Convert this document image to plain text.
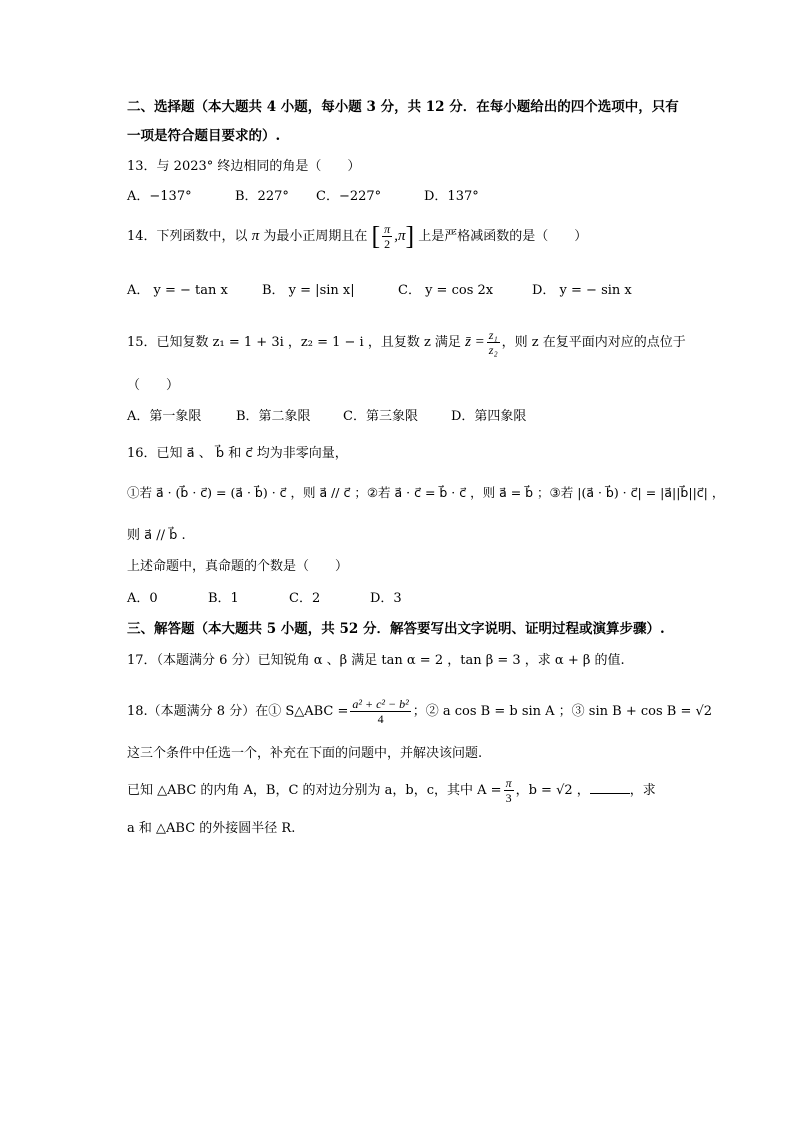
二、选择题（本大题共 4 小题，每小题 3 分，共 12 分．在每小题给出的四个选项中，只有
一项是符合题目要求的）.
13．与 2023° 终边相同的角是（　　）
A．−137°	B．227° C．−227°	D．137°
14．下列函数中，以 π 为最小正周期且在 [ $\frac{\pi}{2} ,\pi$] 上是严格减函数的是（　　）
A． y = − tan x	B． y = |sin x|	C． y = cos 2x	D． y = − sin x
15．已知复数 z₁ = 1 + 3i ，z₂ = 1 − i ，且复数 z 满足 z̄ = $\frac{\text{z₁}}{\text{z₂}}$ ，则 z 在复平面内对应的点位于
（　　）
A．第一象限	B．第二象限 C．第三象限	D．第四象限
16．已知 a⃗ 、 b⃗ 和 c⃗ 均为非零向量，
①若 a⃗ · (b⃗ · c⃗) = (a⃗ · b⃗) · c⃗ ，则 a⃗ // c⃗ ；②若 a⃗ · c⃗ = b⃗ · c⃗ ，则 a⃗ = b⃗ ；③若 |(a⃗ · b⃗) · c⃗| = |a⃗||b⃗||c⃗| ，
则 a⃗ // b⃗ .
上述命题中，真命题的个数是（　　）
A．0	B．1	C．2	D．3
三、解答题（本大题共 5 小题，共 52 分．解答要写出文字说明、证明过程或演算步骤）.
17．（本题满分 6 分）已知锐角 α 、β 满足 tan α = 2 ，tan β = 3 ，求 α + β 的值.
18.（本题满分 8 分）在① S△ABC = $\frac{\text{a² + c² − b²}}{4}$ ；② a cos B = b sin A ；③ sin B + cos B = √2
这三个条件中任选一个，补充在下面的问题中，并解决该问题.
已知 △ABC 的内角 A，B，C 的对边分别为 a，b，c，其中 $A = \frac{\pi}{3}$ ，b = √2 ，	，求
a 和 △ABC 的外接圆半径 R.
